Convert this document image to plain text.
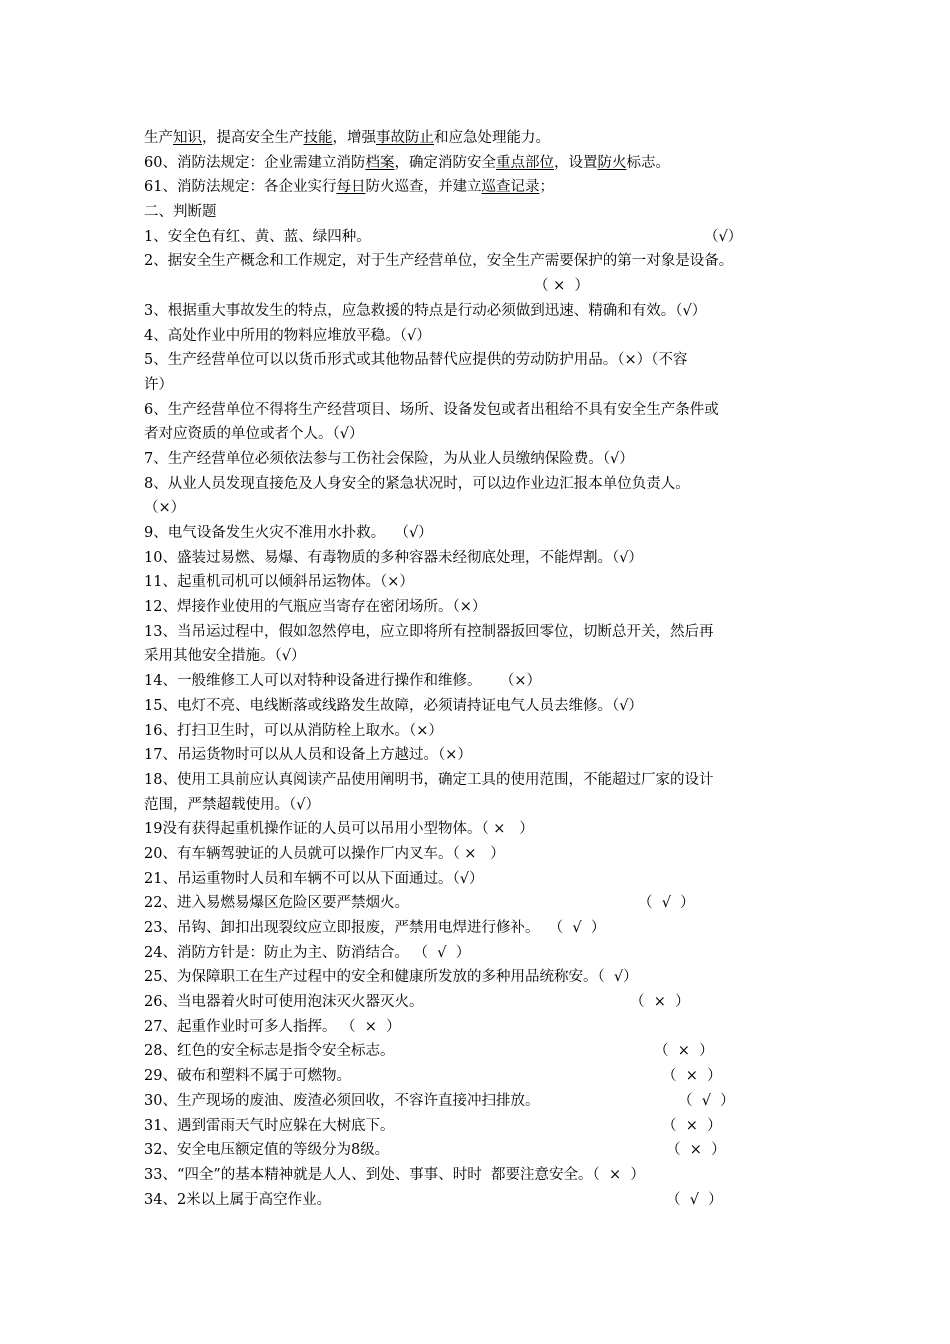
生产知识，提高安全生产技能，增强事故防止和应急处理能力。
60、消防法规定：企业需建立消防档案，确定消防安全重点部位，设置防火标志。
61、消防法规定：各企业实行每日防火巡查，并建立巡查记录；
二、判断题
1、安全色有红、黄、蓝、绿四种。	（√）
2、据安全生产概念和工作规定，对于生产经营单位，安全生产需要保护的第一对象是设备。
（ ×  ）
3、根据重大事故发生的特点，应急救援的特点是行动必须做到迅速、精确和有效。（√）
4、高处作业中所用的物料应堆放平稳。（√）
5、生产经营单位可以以货币形式或其他物品替代应提供的劳动防护用品。（×）（不容
许）
6、生产经营单位不得将生产经营项目、场所、设备发包或者出租给不具有安全生产条件或
者对应资质的单位或者个人。（√）
7、生产经营单位必须依法参与工伤社会保险，为从业人员缴纳保险费。（√）
8、从业人员发现直接危及人身安全的紧急状况时，可以边作业边汇报本单位负责人。
（×）
9、电气设备发生火灾不准用水扑救。  （√）
10、盛装过易燃、易爆、有毒物质的多种容器未经彻底处理，不能焊割。（√）
11、起重机司机可以倾斜吊运物体。（×）
12、焊接作业使用的气瓶应当寄存在密闭场所。（×）
13、当吊运过程中，假如忽然停电，应立即将所有控制器扳回零位，切断总开关，然后再
采用其他安全措施。（√）
14、一般维修工人可以对特种设备进行操作和维修。    （×）
15、电灯不亮、电线断落或线路发生故障，必须请持证电气人员去维修。（√）
16、打扫卫生时，可以从消防栓上取水。（×）
17、吊运货物时可以从人员和设备上方越过。（×）
18、使用工具前应认真阅读产品使用阐明书，确定工具的使用范围，不能超过厂家的设计
范围，严禁超载使用。（√）
19没有获得起重机操作证的人员可以吊用小型物体。（ ×   ）
20、有车辆驾驶证的人员就可以操作厂内叉车。（ ×   ）
21、吊运重物时人员和车辆不可以从下面通过。（√）
22、进入易燃易爆区危险区要严禁烟火。	（  √  ）
23、吊钩、卸扣出现裂纹应立即报废，严禁用电焊进行修补。  （  √  ）
24、消防方针是：防止为主、防消结合。 （  √  ）
25、为保障职工在生产过程中的安全和健康所发放的多种用品统称安。（  √）
26、当电器着火时可使用泡沫灭火器灭火。	（  ×  ）
27、起重作业时可多人指挥。 （  ×  ）
28、红色的安全标志是指令安全标志。	（  ×  ）
29、破布和塑料不属于可燃物。	（  ×  ）
30、生产现场的废油、废渣必须回收，不容许直接冲扫排放。	（  √  ）
31、遇到雷雨天气时应躲在大树底下。	（  ×  ）
32、安全电压额定值的等级分为8级。	（  ×  ）
33、“四全”的基本精神就是人人、到处、事事、时时  都要注意安全。（  ×  ）
34、2米以上属于高空作业。	（  √  ）
